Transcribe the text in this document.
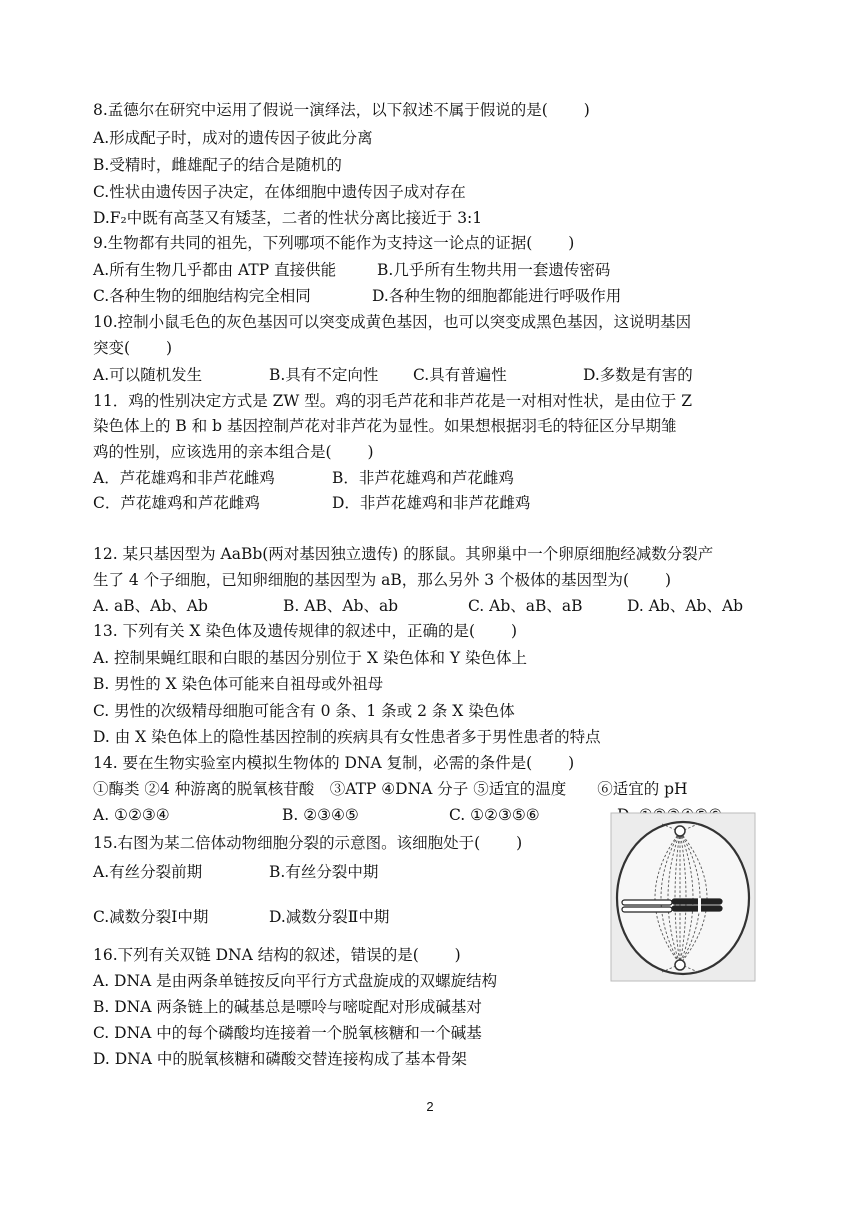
8.孟德尔在研究中运用了假说一演绎法，以下叙述不属于假说的是(　　 )
A.形成配子时，成对的遗传因子彼此分离
B.受精时，雌雄配子的结合是随机的
C.性状由遗传因子决定，在体细胞中遗传因子成对存在
D.F₂中既有高茎又有矮茎，二者的性状分离比接近于 3:1
9.生物都有共同的祖先，下列哪项不能作为支持这一论点的证据(　　 )
A.所有生物几乎都由 ATP 直接供能	B.几乎所有生物共用一套遗传密码
C.各种生物的细胞结构完全相同	D.各种生物的细胞都能进行呼吸作用
10.控制小鼠毛色的灰色基因可以突变成黄色基因，也可以突变成黑色基因，这说明基因
突变(　　 )
A.可以随机发生	B.具有不定向性 C.具有普遍性	D.多数是有害的
11．鸡的性别决定方式是 ZW 型。鸡的羽毛芦花和非芦花是一对相对性状，是由位于 Z
染色体上的 B 和 b 基因控制芦花对非芦花为显性。如果想根据羽毛的特征区分早期雏
鸡的性别，应该选用的亲本组合是(　　 )
A．芦花雄鸡和非芦花雌鸡	B．非芦花雄鸡和芦花雌鸡
C．芦花雄鸡和芦花雌鸡	D．非芦花雄鸡和非芦花雌鸡
12. 某只基因型为 AaBb(两对基因独立遗传) 的豚鼠。其卵巢中一个卵原细胞经减数分裂产
生了 4 个子细胞，已知卵细胞的基因型为 aB，那么另外 3 个极体的基因型为(　　 )
A. aB、Ab、Ab	B. AB、Ab、ab	C. Ab、aB、aB	D. Ab、Ab、Ab
13. 下列有关 X 染色体及遗传规律的叙述中，正确的是(　　 )
A. 控制果蝇红眼和白眼的基因分别位于 X 染色体和 Y 染色体上
B. 男性的 X 染色体可能来自祖母或外祖母
C. 男性的次级精母细胞可能含有 0 条、1 条或 2 条 X 染色体
D. 由 X 染色体上的隐性基因控制的疾病具有女性患者多于男性患者的特点
14. 要在生物实验室内模拟生物体的 DNA 复制，必需的条件是(　　 )
①酶类 ②4 种游离的脱氧核苷酸　③ATP ④DNA 分子 ⑤适宜的温度　　⑥适宜的 pH
A. ①②③④	B. ②③④⑤	C. ①②③⑤⑥
15.右图为某二倍体动物细胞分裂的示意图。该细胞处于(　　 )
A.有丝分裂前期	B.有丝分裂中期
C.减数分裂Ⅰ中期	D.减数分裂Ⅱ中期
16.下列有关双链 DNA 结构的叙述，错误的是(　　 )
A. DNA 是由两条单链按反向平行方式盘旋成的双螺旋结构
B. DNA 两条链上的碱基总是嘌呤与嘧啶配对形成碱基对
C. DNA 中的每个磷酸均连接着一个脱氧核糖和一个碱基
D. DNA 中的脱氧核糖和磷酸交替连接构成了基本骨架
2
